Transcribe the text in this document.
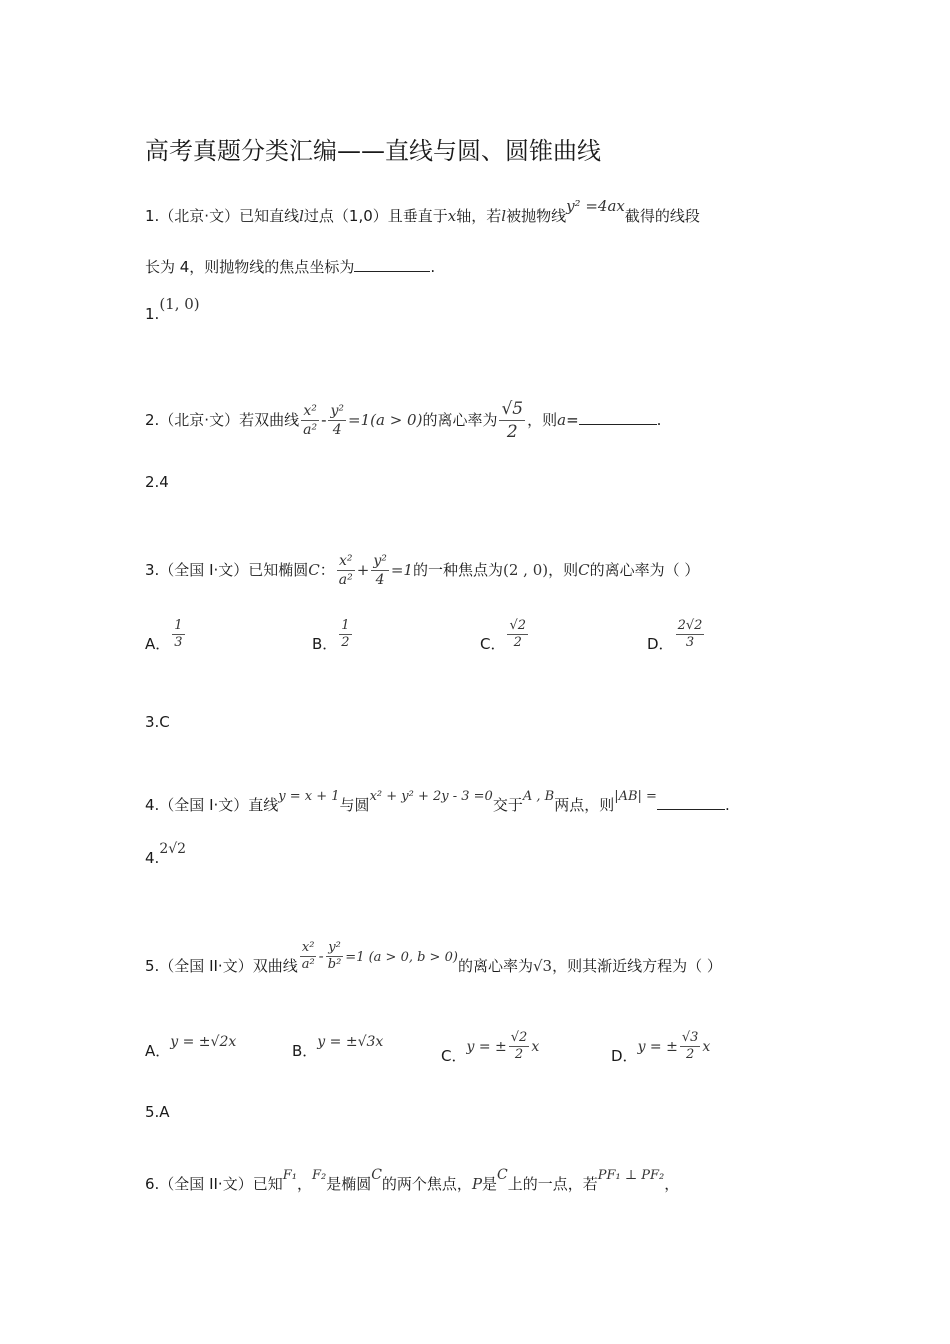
高考真题分类汇编——直线与圆、圆锥曲线
1.（北京·文）已知直线l过点（1,0）且垂直于x轴，若l被抛物线y² =4ax截得的线段
长为 4，则抛物线的焦点坐标为	.
1.(1, 0)
2.（北京·文）若双曲线 $\frac{\text{x²}}{\text{a²}} - \frac{\text{y²}}{4} =1(a > 0)$的离心率为 $\frac{√5}{2}$ ，则a=	.
2.4
3.（全国 I·文）已知椭圆C： $\frac{\text{x²}}{\text{a²}} + \frac{\text{y²}}{4} =1$的一种焦点为(2 , 0)，则C的离心率为（ ）
A． $\frac{1}{3}$	B． $\frac{1}{2}$	C． $\frac{√2}{2}$	D． $\frac{2√2}{3}$
3.C
4.（全国 I·文）直线y = x + 1与圆x² + y² + 2y - 3 =0交于A , B两点，则|AB| =	.
4.2√2
5.（全国 II·文）双曲线 $\frac{\text{x²}}{\text{a²}} - \frac{\text{y²}}{\text{b²}} =1$ (a > 0, b > 0)的离心率为√3，则其渐近线方程为（ ）
A．y = ±√2x	B．y = ±√3x
C．y = ± $\frac{√2}{2}$ x	D．y = ± $\frac{√3}{2}$ x
5.A
6.（全国 II·文）已知F₁，F₂是椭圆C的两个焦点，P是C上的一点，若PF₁ ⊥ PF₂，
